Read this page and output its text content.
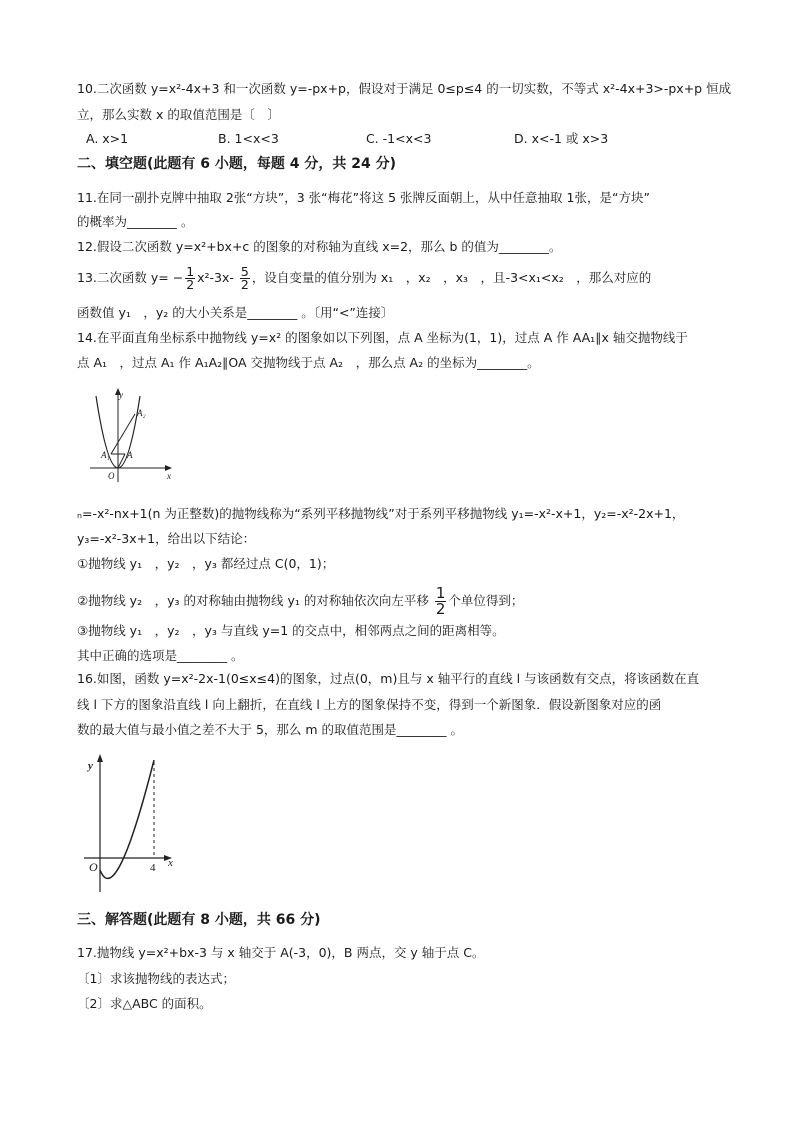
10.二次函数 y=x²-4x+3 和一次函数 y=-px+p，假设对于满足 0≤p≤4 的一切实数，不等式 x²-4x+3>-px+p 恒成
立，那么实数 x 的取值范围是〔　〕
A. x>1	B. 1<x<3	C. -1<x<3	D. x<-1 或 x>3
二、填空题(此题有 6 小题，每题 4 分，共 24 分)
11.在同一副扑克牌中抽取 2张“方块”，3 张“梅花”将这 5 张牌反面朝上，从中任意抽取 1张，是“方块”
的概率为________ 。
12.假设二次函数 y=x²+bx+c 的图象的对称轴为直线 x=2，那么 b 的值为________。
13.二次函数 $y= - \frac{1}{2} x^2-3x- \frac{5}{2}$ ，设自变量的值分别为 x₁　，x₂　，x₃　，且-3<x₁<x₂　，那么对应的
函数值 y₁　，y₂ 的大小关系是________ 。〔用“<”连接〕
14.在平面直角坐标系中抛物线 y=x² 的图象如以下列图，点 A 坐标为(1，1)，过点 A 作 AA₁∥x 轴交抛物线于
点 A₁　，过点 A₁ 作 A₁A₂∥OA 交抛物线于点 A₂　，那么点 A₂ 的坐标为________。
y
x
O
A
A₁
A₂
ₙ=-x²-nx+1(n 为正整数)的抛物线称为“系列平移抛物线”对于系列平移抛物线 y₁=-x²-x+1，y₂=-x²-2x+1，
y₃=-x²-3x+1，给出以下结论：
①抛物线 y₁　，y₂　，y₃ 都经过点 C(0，1)；
②抛物线 y₂　，y₃ 的对称轴由抛物线 y₁ 的对称轴依次向左平移 $\frac{1}{2}$ 个单位得到；
③抛物线 y₁　，y₂　，y₃ 与直线 y=1 的交点中，相邻两点之间的距离相等。
其中正确的选项是________ 。
16.如图，函数 y=x²-2x-1(0≤x≤4)的图象，过点(0，m)且与 x 轴平行的直线 l 与该函数有交点，将该函数在直
线 l 下方的图象沿直线 l 向上翻折，在直线 l 上方的图象保持不变，得到一个新图象．假设新图象对应的函
数的最大值与最小值之差不大于 5，那么 m 的取值范围是________ 。
y
x
O	4
三、解答题(此题有 8 小题，共 66 分)
17.抛物线 y=x²+bx-3 与 x 轴交于 A(-3，0)，B 两点，交 y 轴于点 C。
〔1〕求该抛物线的表达式；
〔2〕求△ABC 的面积。
